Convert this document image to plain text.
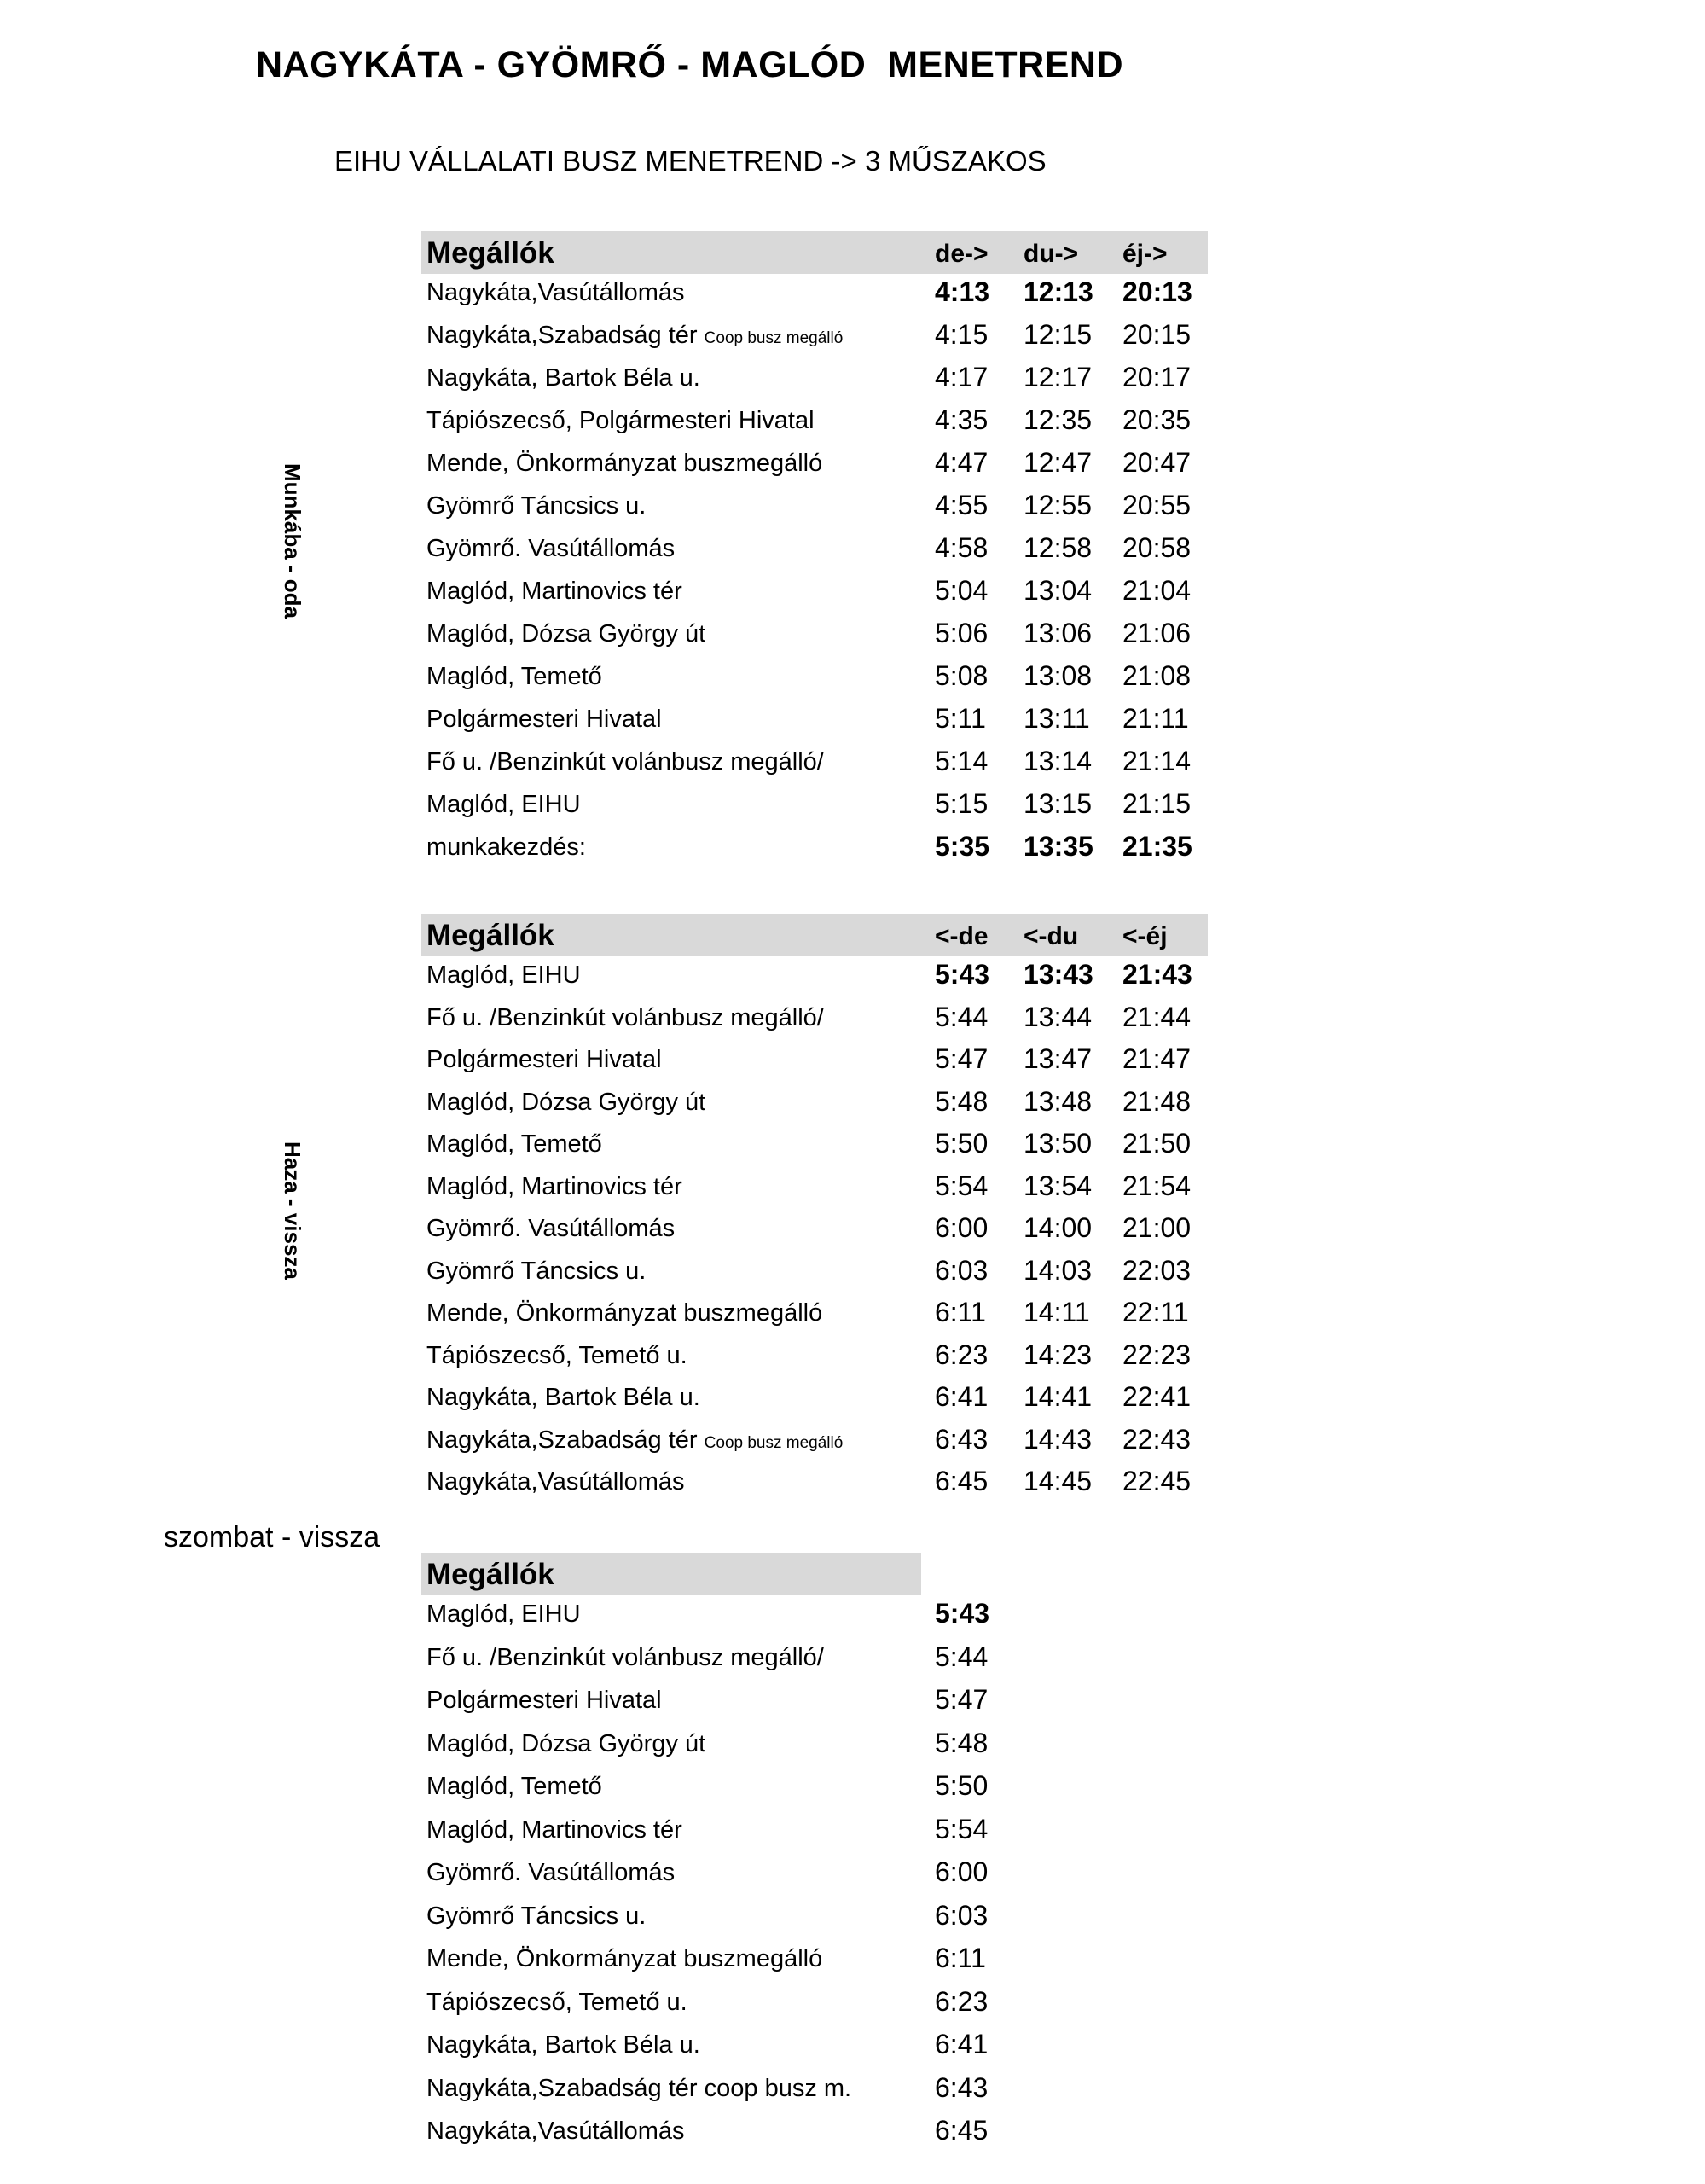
NAGYKÁTA - GYÖMRŐ - MAGLÓD  MENETREND
EIHU VÁLLALATI BUSZ MENETREND -> 3 MŰSZAKOS
Munkába - oda
Megállók	de-> du-> éj->
Nagykáta,Vasútállomás	4:13 12:13 20:13
Nagykáta,Szabadság tér Coop busz megálló	4:15 12:15 20:15
Nagykáta, Bartok Béla u.	4:17 12:17 20:17
Tápiószecső, Polgármesteri Hivatal	4:35 12:35 20:35
Mende, Önkormányzat buszmegálló	4:47 12:47 20:47
Gyömrő Táncsics u.	4:55 12:55 20:55
Gyömrő. Vasútállomás	4:58 12:58 20:58
Maglód, Martinovics tér	5:04 13:04 21:04
Maglód, Dózsa György út	5:06 13:06 21:06
Maglód, Temető	5:08 13:08 21:08
Polgármesteri Hivatal	5:11 13:11 21:11
Fő u. /Benzinkút volánbusz megálló/	5:14 13:14 21:14
Maglód, EIHU	5:15 13:15 21:15
munkakezdés:	5:35 13:35 21:35
Haza - vissza
Megállók	<-de <-du <-éj
Maglód, EIHU	5:43 13:43 21:43
Fő u. /Benzinkút volánbusz megálló/	5:44 13:44 21:44
Polgármesteri Hivatal	5:47 13:47 21:47
Maglód, Dózsa György út	5:48 13:48 21:48
Maglód, Temető	5:50 13:50 21:50
Maglód, Martinovics tér	5:54 13:54 21:54
Gyömrő. Vasútállomás	6:00 14:00 21:00
Gyömrő Táncsics u.	6:03 14:03 22:03
Mende, Önkormányzat buszmegálló	6:11 14:11 22:11
Tápiószecső, Temető u.	6:23 14:23 22:23
Nagykáta, Bartok Béla u.	6:41 14:41 22:41
Nagykáta,Szabadság tér Coop busz megálló	6:43 14:43 22:43
Nagykáta,Vasútállomás	6:45 14:45 22:45
szombat - vissza
Megállók
Maglód, EIHU	5:43
Fő u. /Benzinkút volánbusz megálló/	5:44
Polgármesteri Hivatal	5:47
Maglód, Dózsa György út	5:48
Maglód, Temető	5:50
Maglód, Martinovics tér	5:54
Gyömrő. Vasútállomás	6:00
Gyömrő Táncsics u.	6:03
Mende, Önkormányzat buszmegálló	6:11
Tápiószecső, Temető u.	6:23
Nagykáta, Bartok Béla u.	6:41
Nagykáta,Szabadság tér coop busz m.	6:43
Nagykáta,Vasútállomás	6:45
